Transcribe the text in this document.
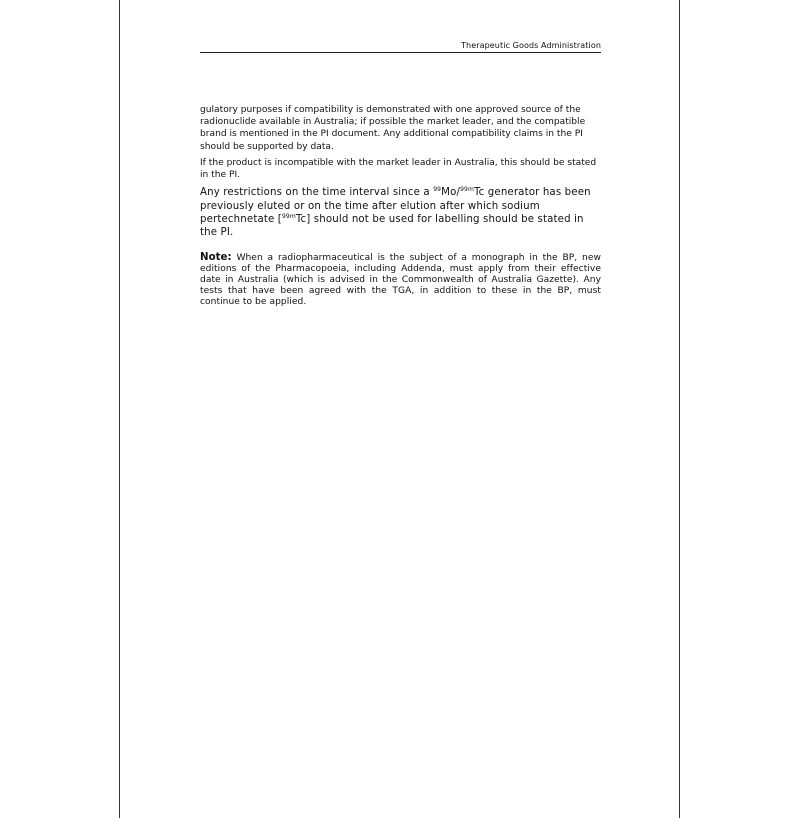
Therapeutic Goods Administration

gulatory purposes if compatibility is demonstrated with one approved source of the radionuclide available in Australia; if possible the market leader, and the compatible brand is mentioned in the PI document. Any additional compatibility claims in the PI should be supported by data.

If the product is incompatible with the market leader in Australia, this should be stated in the PI.

Any restrictions on the time interval since a $^{99}$Mo/$^{99m}$Tc generator has been previously eluted or on the time after elution after which sodium pertechnetate [$^{99m}$Tc] should not be used for labelling should be stated in the PI.

Note: When a radiopharmaceutical is the subject of a monograph in the BP, new editions of the Pharmacopoeia, including Addenda, must apply from their effective date in Australia (which is advised in the Commonwealth of Australia Gazette). Any tests that have been agreed with the TGA, in addition to these in the BP, must continue to be applied.
